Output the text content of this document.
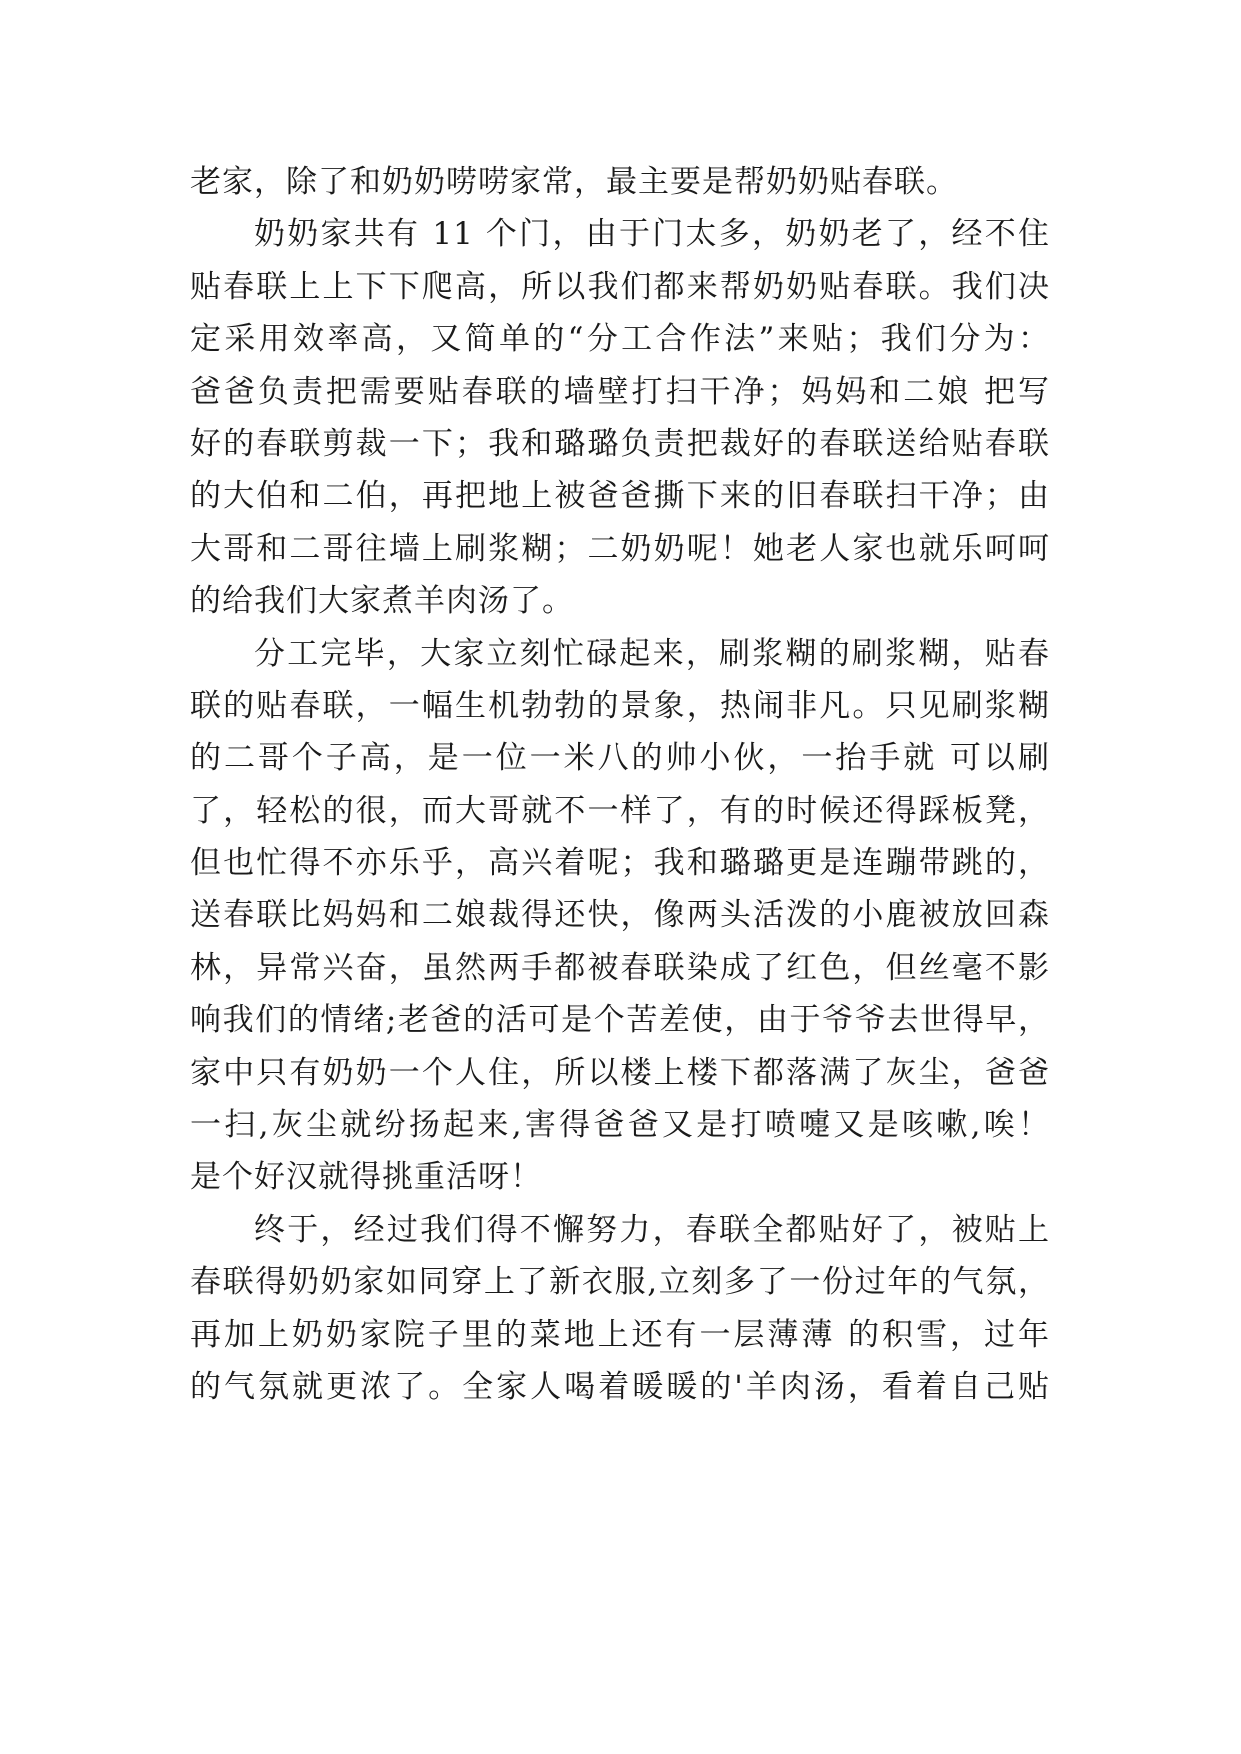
老家，除了和奶奶唠唠家常，最主要是帮奶奶贴春联。
奶奶家共有 11 个门，由于门太多，奶奶老了，经不住
贴春联上上下下爬高，所以我们都来帮奶奶贴春联。我们决
定采用效率高，又简单的“分工合作法”来贴；我们分为：
爸爸负责把需要贴春联的墙壁打扫干净；妈妈和二娘 把写
好的春联剪裁一下；我和璐璐负责把裁好的春联送给贴春联
的大伯和二伯，再把地上被爸爸撕下来的旧春联扫干净；由
大哥和二哥往墙上刷浆糊；二奶奶呢！她老人家也就乐呵呵
的给我们大家煮羊肉汤了。
分工完毕，大家立刻忙碌起来，刷浆糊的刷浆糊，贴春
联的贴春联，一幅生机勃勃的景象，热闹非凡。只见刷浆糊
的二哥个子高，是一位一米八的帅小伙，一抬手就 可以刷
了，轻松的很，而大哥就不一样了，有的时候还得踩板凳，
但也忙得不亦乐乎，高兴着呢；我和璐璐更是连蹦带跳的，
送春联比妈妈和二娘裁得还快，像两头活泼的小鹿被放回森
林，异常兴奋，虽然两手都被春联染成了红色，但丝毫不影
响我们的情绪;老爸的活可是个苦差使，由于爷爷去世得早，
家中只有奶奶一个人住，所以楼上楼下都落满了灰尘，爸爸
一扫,灰尘就纷扬起来,害得爸爸又是打喷嚏又是咳嗽,唉！
是个好汉就得挑重活呀！
终于，经过我们得不懈努力，春联全都贴好了，被贴上
春联得奶奶家如同穿上了新衣服,立刻多了一份过年的气氛，
再加上奶奶家院子里的菜地上还有一层薄薄 的积雪，过年
的气氛就更浓了。全家人喝着暖暖的'羊肉汤，看着自己贴
